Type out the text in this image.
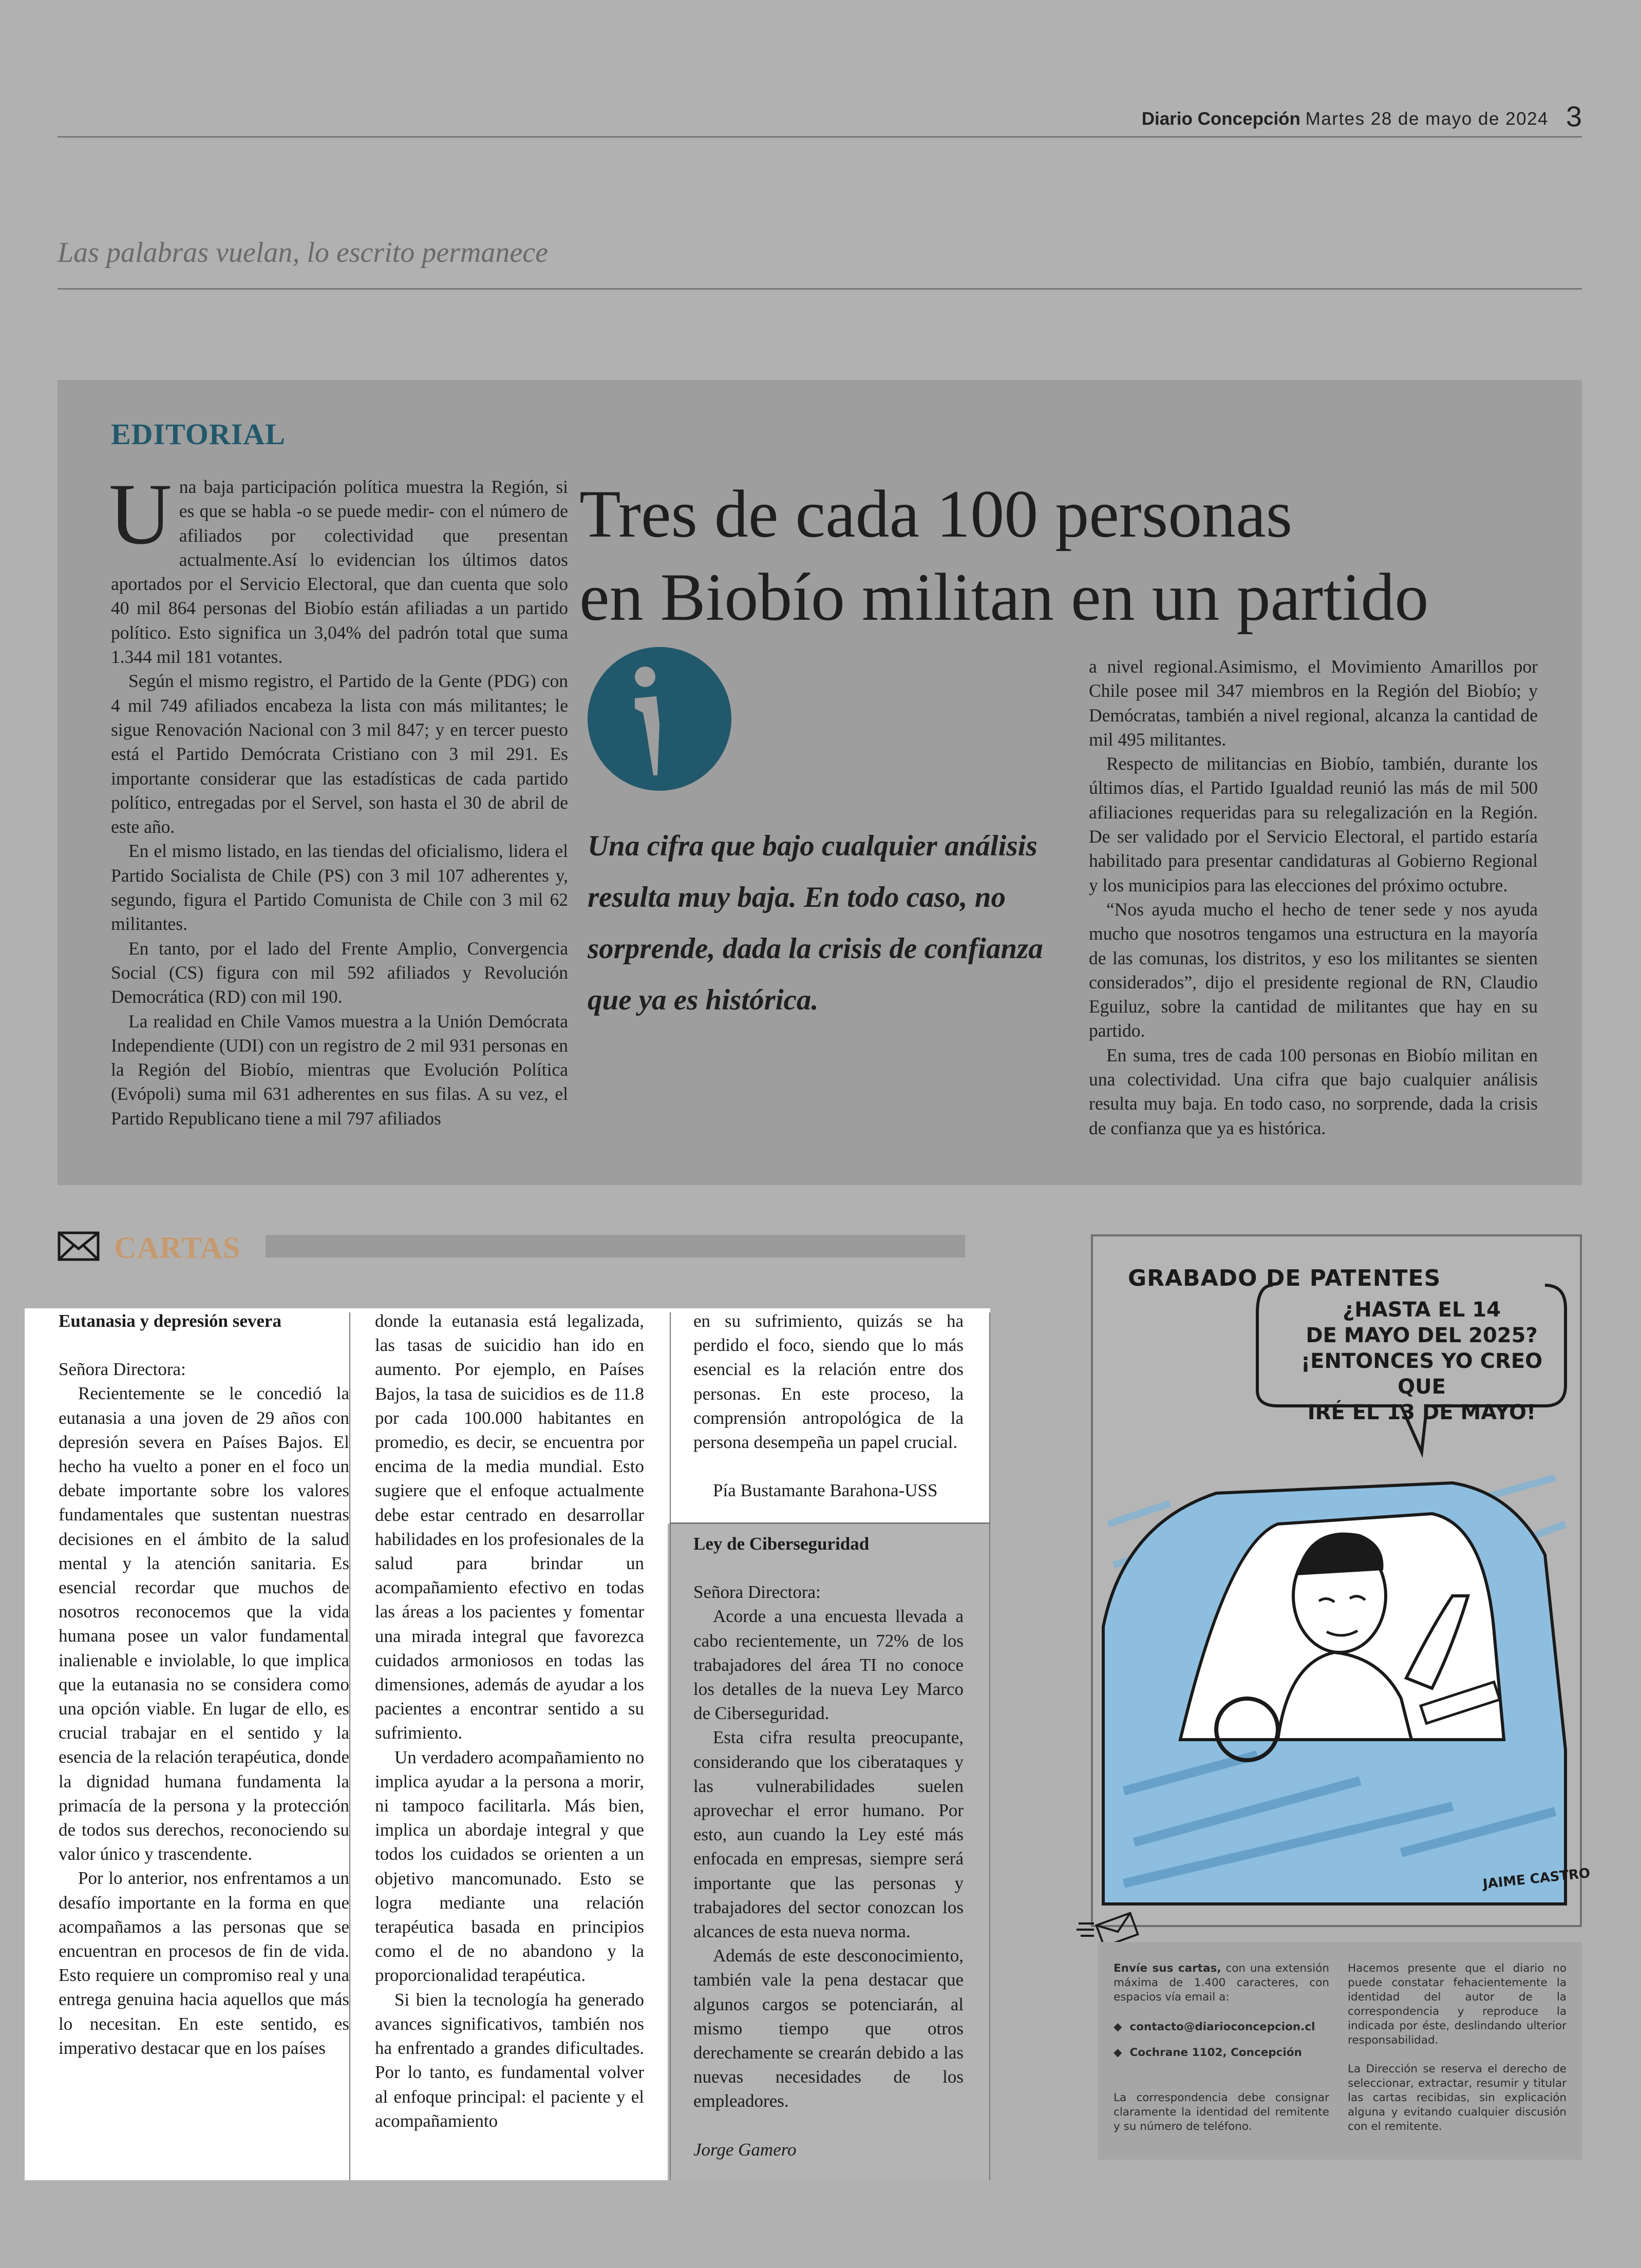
Diario Concepción Martes 28 de mayo de 2024 3
Las palabras vuelan, lo escrito permanece
EDITORIAL

Una baja participación política muestra la Región, si es que se habla -o se puede medir- con el número de afiliados por colectividad que presentan actualmente.Así lo evidencian los últimos datos aportados por el Servicio Electoral, que dan cuenta que solo 40 mil 864 personas del Biobío están afiliadas a un partido político. Esto significa un 3,04% del padrón total que suma 1.344 mil 181 votantes.

Según el mismo registro, el Partido de la Gente (PDG) con 4 mil 749 afiliados encabeza la lista con más militantes; le sigue Renovación Nacional con 3 mil 847; y en tercer puesto está el Partido Demócrata Cristiano con 3 mil 291. Es importante considerar que las estadísticas de cada partido político, entregadas por el Servel, son hasta el 30 de abril de este año.

En el mismo listado, en las tiendas del oficialismo, lidera el Partido Socialista de Chile (PS) con 3 mil 107 adherentes y, segundo, figura el Partido Comunista de Chile con 3 mil 62 militantes.

En tanto, por el lado del Frente Amplio, Convergencia Social (CS) figura con mil 592 afiliados y Revolución Democrática (RD) con mil 190.

La realidad en Chile Vamos muestra a la Unión Demócrata Independiente (UDI) con un registro de 2 mil 931 personas en la Región del Biobío, mientras que Evolución Política (Evópoli) suma mil 631 adherentes en sus filas. A su vez, el Partido Republicano tiene a mil 797 afiliados

Tres de cada 100 personas
en Biobío militan en un partido
Una cifra que bajo cualquier análisis resulta muy baja. En todo caso, no sorprende, dada la crisis de confianza que ya es histórica.

a nivel regional.Asimismo, el Movimiento Amarillos por Chile posee mil 347 miembros en la Región del Biobío; y Demócratas, también a nivel regional, alcanza la cantidad de mil 495 militantes.

Respecto de militancias en Biobío, también, durante los últimos días, el Partido Igualdad reunió las más de mil 500 afiliaciones requeridas para su relegalización en la Región. De ser validado por el Servicio Electoral, el partido estaría habilitado para presentar candidaturas al Gobierno Regional y los municipios para las elecciones del próximo octubre.

“Nos ayuda mucho el hecho de tener sede y nos ayuda mucho que nosotros tengamos una estructura en la mayoría de las comunas, los distritos, y eso los militantes se sienten considerados”, dijo el presidente regional de RN, Claudio Eguiluz, sobre la cantidad de militantes que hay en su partido.

En suma, tres de cada 100 personas en Biobío militan en una colectividad. Una cifra que bajo cualquier análisis resulta muy baja. En todo caso, no sorprende, dada la crisis de confianza que ya es histórica.

CARTAS

Eutanasia y depresión severa

Señora Directora:

Recientemente se le concedió la eutanasia a una joven de 29 años con depresión severa en Países Bajos. El hecho ha vuelto a poner en el foco un debate importante sobre los valores fundamentales que sustentan nuestras decisiones en el ámbito de la salud mental y la atención sanitaria. Es esencial recordar que muchos de nosotros reconocemos que la vida humana posee un valor fundamental inalienable e inviolable, lo que implica que la eutanasia no se considera como una opción viable. En lugar de ello, es crucial trabajar en el sentido y la esencia de la relación terapéutica, donde la dignidad humana fundamenta la primacía de la persona y la protección de todos sus derechos, reconociendo su valor único y trascendente.

Por lo anterior, nos enfrentamos a un desafío importante en la forma en que acompañamos a las personas que se encuentran en procesos de fin de vida. Esto requiere un compromiso real y una entrega genuina hacia aquellos que más lo necesitan. En este sentido, es imperativo destacar que en los países

donde la eutanasia está legalizada, las tasas de suicidio han ido en aumento. Por ejemplo, en Países Bajos, la tasa de suicidios es de 11.8 por cada 100.000 habitantes en promedio, es decir, se encuentra por encima de la media mundial. Esto sugiere que el enfoque actualmente debe estar centrado en desarrollar habilidades en los profesionales de la salud para brindar un acompañamiento efectivo en todas las áreas a los pacientes y fomentar una mirada integral que favorezca cuidados armoniosos en todas las dimensiones, además de ayudar a los pacientes a encontrar sentido a su sufrimiento.

Un verdadero acompañamiento no implica ayudar a la persona a morir, ni tampoco facilitarla. Más bien, implica un abordaje integral y que todos los cuidados se orienten a un objetivo mancomunado. Esto se logra mediante una relación terapéutica basada en principios como el de no abandono y la proporcionalidad terapéutica.

Si bien la tecnología ha generado avances significativos, también nos ha enfrentado a grandes dificultades. Por lo tanto, es fundamental volver al enfoque principal: el paciente y el acompañamiento

en su sufrimiento, quizás se ha perdido el foco, siendo que lo más esencial es la relación entre dos personas. En este proceso, la comprensión antropológica de la persona desempeña un papel crucial.

Pía Bustamante Barahona-USS

Ley de Ciberseguridad

Señora Directora:

Acorde a una encuesta llevada a cabo recientemente, un 72% de los trabajadores del área TI no conoce los detalles de la nueva Ley Marco de Ciberseguridad.

Esta cifra resulta preocupante, considerando que los ciberataques y las vulnerabilidades suelen aprovechar el error humano. Por esto, aun cuando la Ley esté más enfocada en empresas, siempre será importante que las personas y trabajadores del sector conozcan los alcances de esta nueva norma.

Además de este desconocimiento, también vale la pena destacar que algunos cargos se potenciarán, al mismo tiempo que otros derechamente se crearán debido a las nuevas necesidades de los empleadores.

Jorge Gamero

GRABADO DE PATENTES
JAIME CASTRO
¿HASTA EL 14
DE MAYO DEL 2025?
¡ENTONCES YO CREO QUE
IRÉ EL 13 DE MAYO!

Envíe sus cartas, con una extensión máxima de 1.400 caracteres, con espacios vía email a:

◆  contacto@diarioconcepcion.cl

◆  Cochrane 1102, Concepción

La correspondencia debe consignar claramente la identidad del remitente y su número de teléfono.

Hacemos presente que el diario no puede constatar fehacientemente la identidad del autor de la correspondencia y reproduce la indicada por éste, deslindando ulterior responsabilidad.

La Dirección se reserva el derecho de seleccionar, extractar, resumir y titular las cartas recibidas, sin explicación alguna y evitando cualquier discusión con el remitente.
